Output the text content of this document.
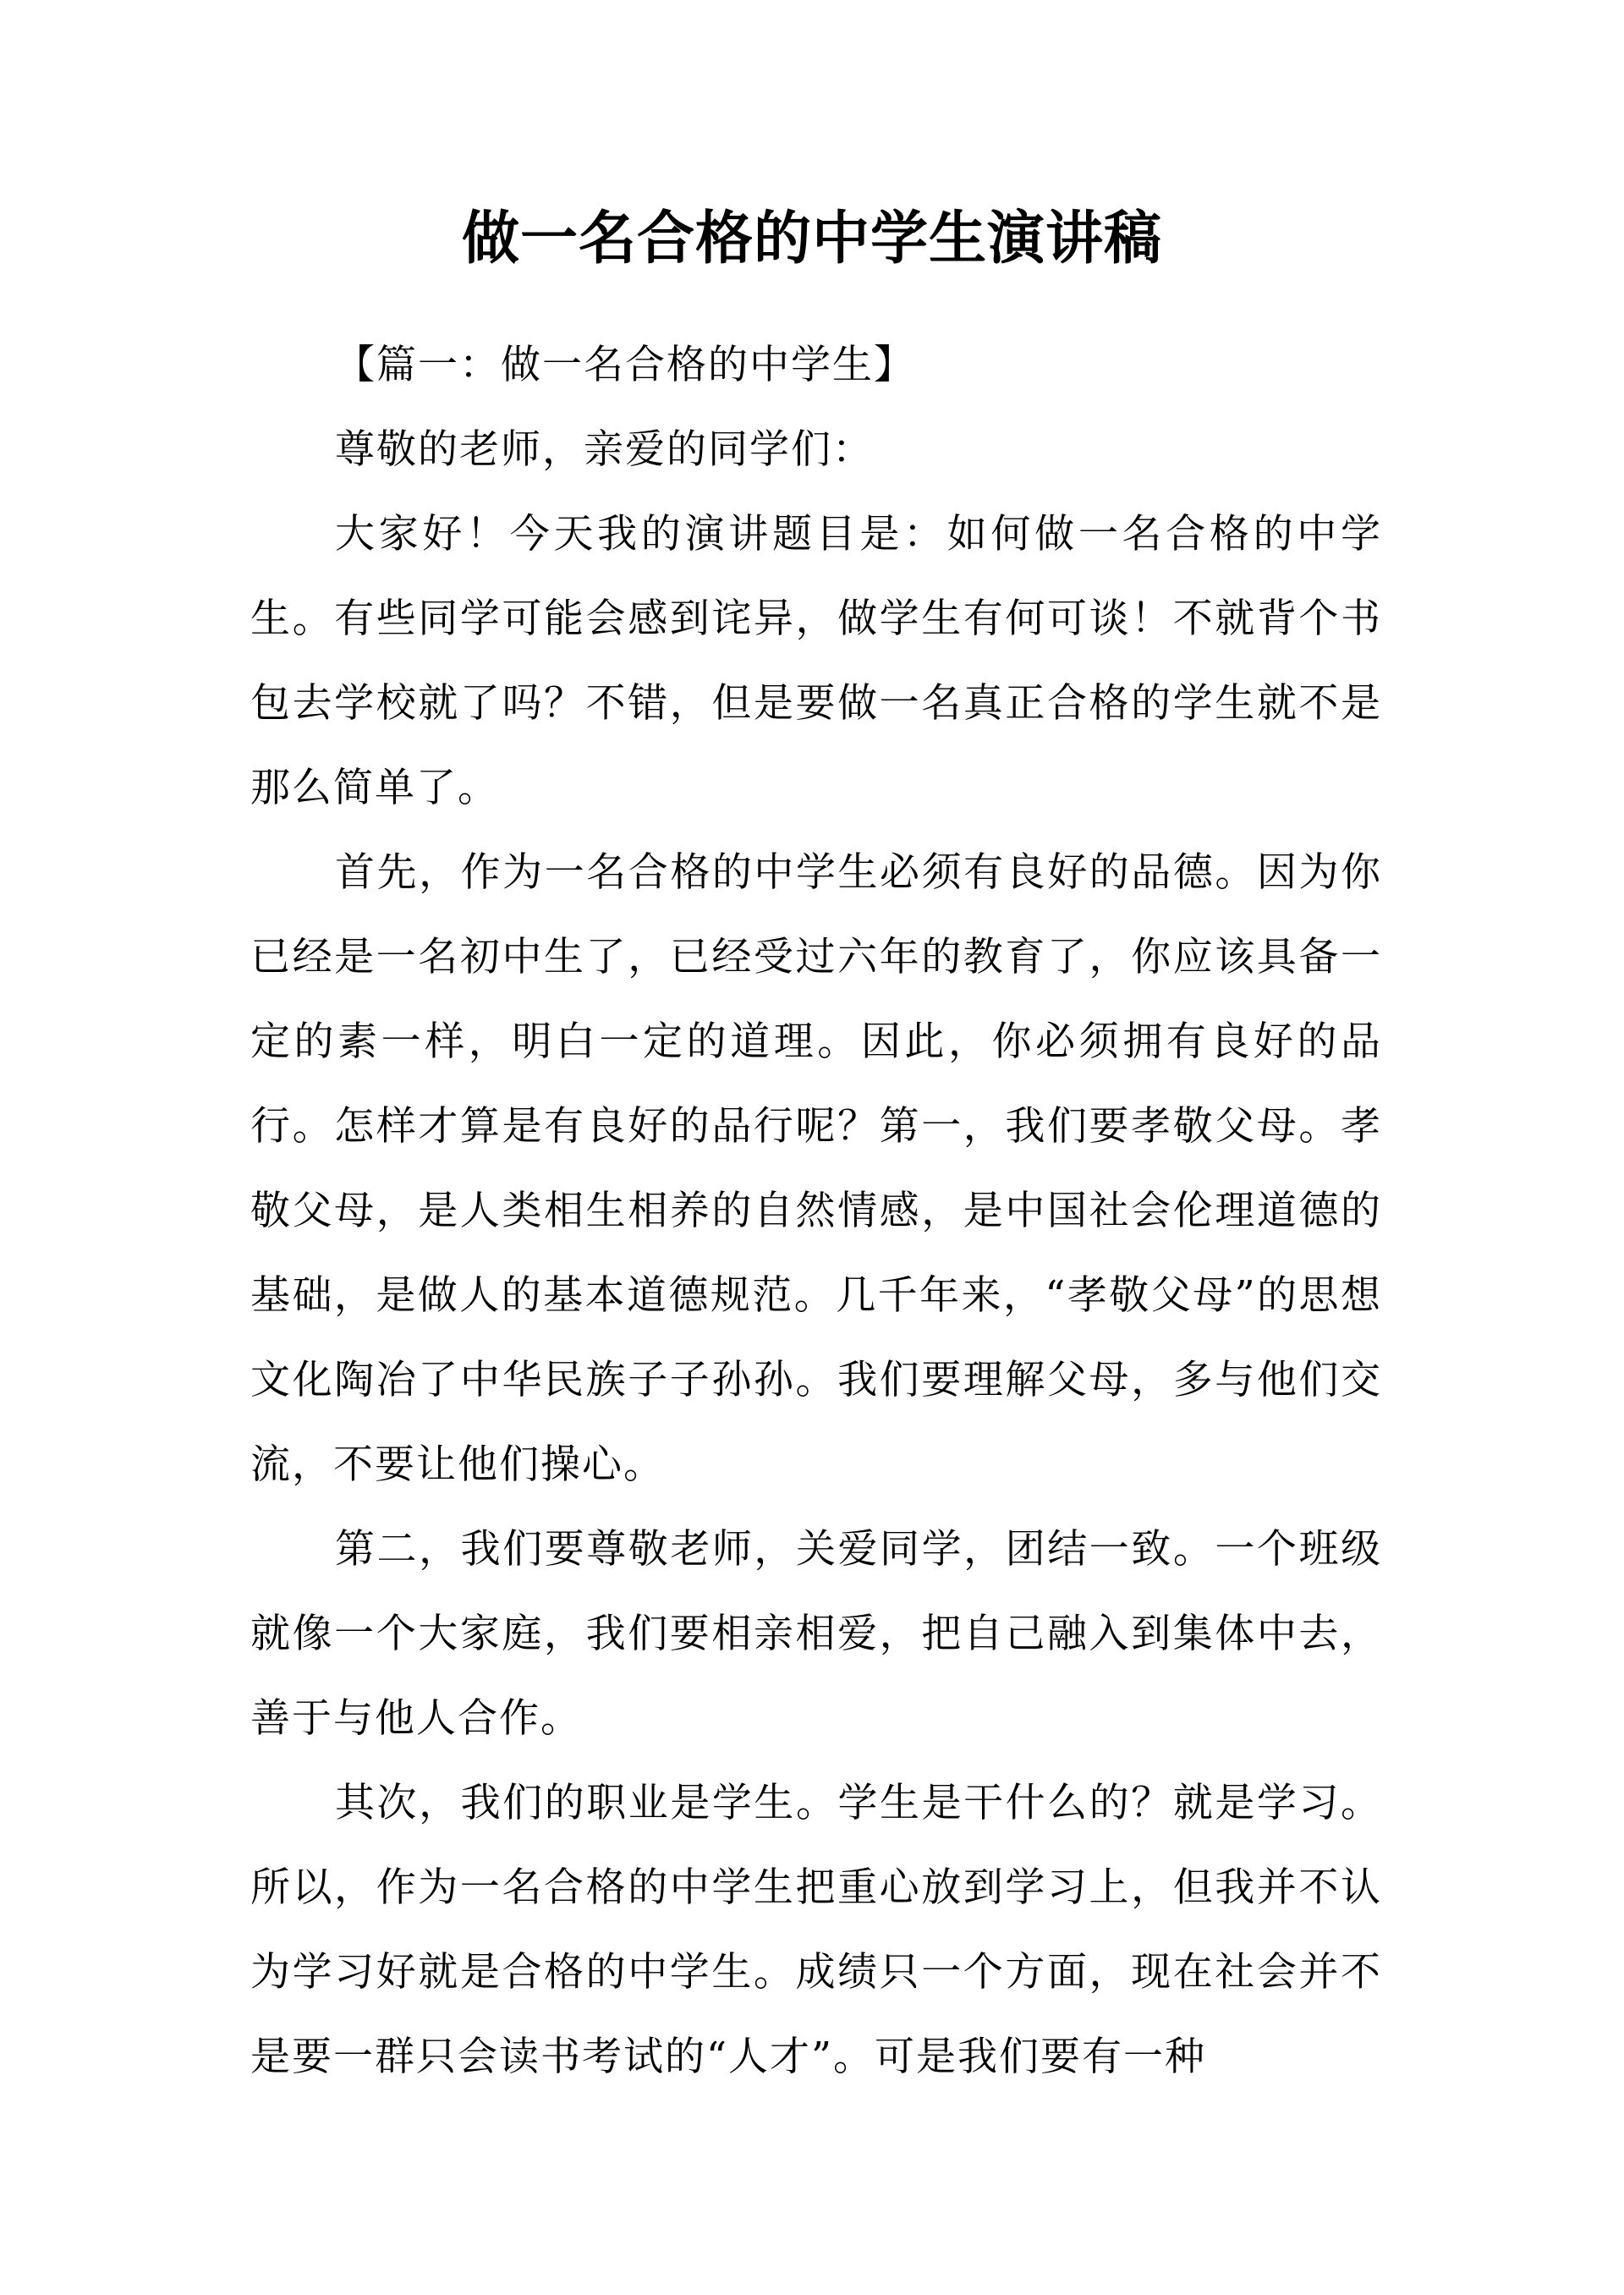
做一名合格的中学生演讲稿

【篇一：做一名合格的中学生】

尊敬的老师，亲爱的同学们：

大家好！今天我的演讲题目是：如何做一名合格的中学生。有些同学可能会感到诧异，做学生有何可谈！不就背个书包去学校就了吗？不错，但是要做一名真正合格的学生就不是那么简单了。

首先，作为一名合格的中学生必须有良好的品德。因为你已经是一名初中生了，已经受过六年的教育了，你应该具备一定的素一样，明白一定的道理。因此，你必须拥有良好的品行。怎样才算是有良好的品行呢？第一，我们要孝敬父母。孝敬父母，是人类相生相养的自然情感，是中国社会伦理道德的基础，是做人的基本道德规范。几千年来，“孝敬父母”的思想文化陶冶了中华民族子子孙孙。我们要理解父母，多与他们交流，不要让他们操心。

第二，我们要尊敬老师，关爱同学，团结一致。一个班级就像一个大家庭，我们要相亲相爱，把自己融入到集体中去，善于与他人合作。

其次，我们的职业是学生。学生是干什么的？就是学习。所以，作为一名合格的中学生把重心放到学习上，但我并不认为学习好就是合格的中学生。成绩只一个方面，现在社会并不是要一群只会读书考试的“人才”。可是我们要有一种
